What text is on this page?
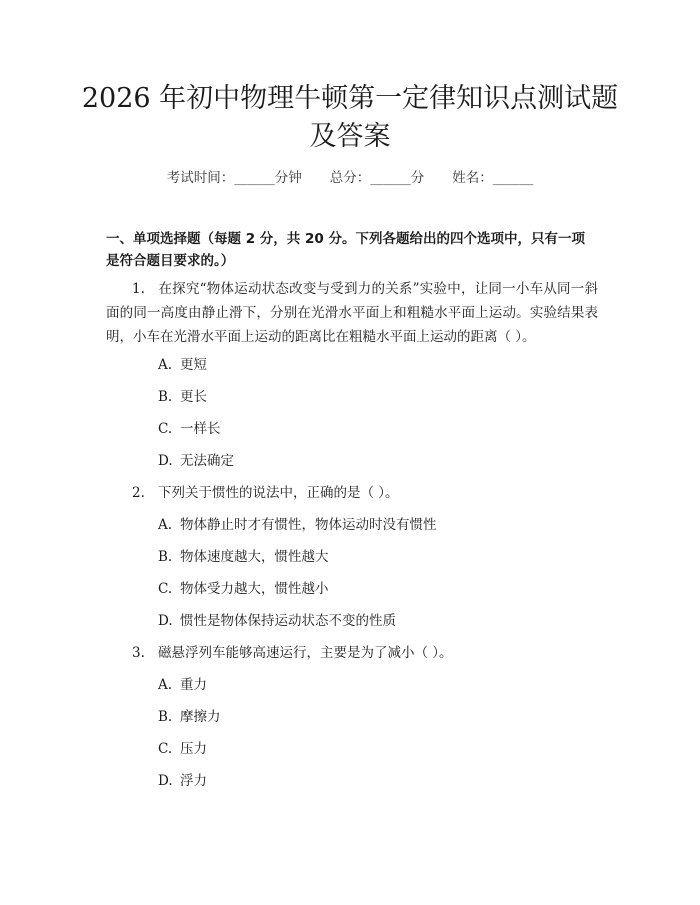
2026 年初中物理牛顿第一定律知识点测试题及答案
考试时间：______分钟 总分：______分 姓名：______
一、单项选择题（每题 2 分，共 20 分。下列各题给出的四个选项中，只有一项是符合题目要求的。）
1. 在探究“物体运动状态改变与受到力的关系”实验中，让同一小车从同一斜面的同一高度由静止滑下，分别在光滑水平面上和粗糙水平面上运动。实验结果表明，小车在光滑水平面上运动的距离比在粗糙水平面上运动的距离（ ）。
A. 更短
B. 更长
C. 一样长
D. 无法确定
2. 下列关于惯性的说法中，正确的是（ ）。
A. 物体静止时才有惯性，物体运动时没有惯性
B. 物体速度越大，惯性越大
C. 物体受力越大，惯性越小
D. 惯性是物体保持运动状态不变的性质
3. 磁悬浮列车能够高速运行，主要是为了减小（ ）。
A. 重力
B. 摩擦力
C. 压力
D. 浮力
